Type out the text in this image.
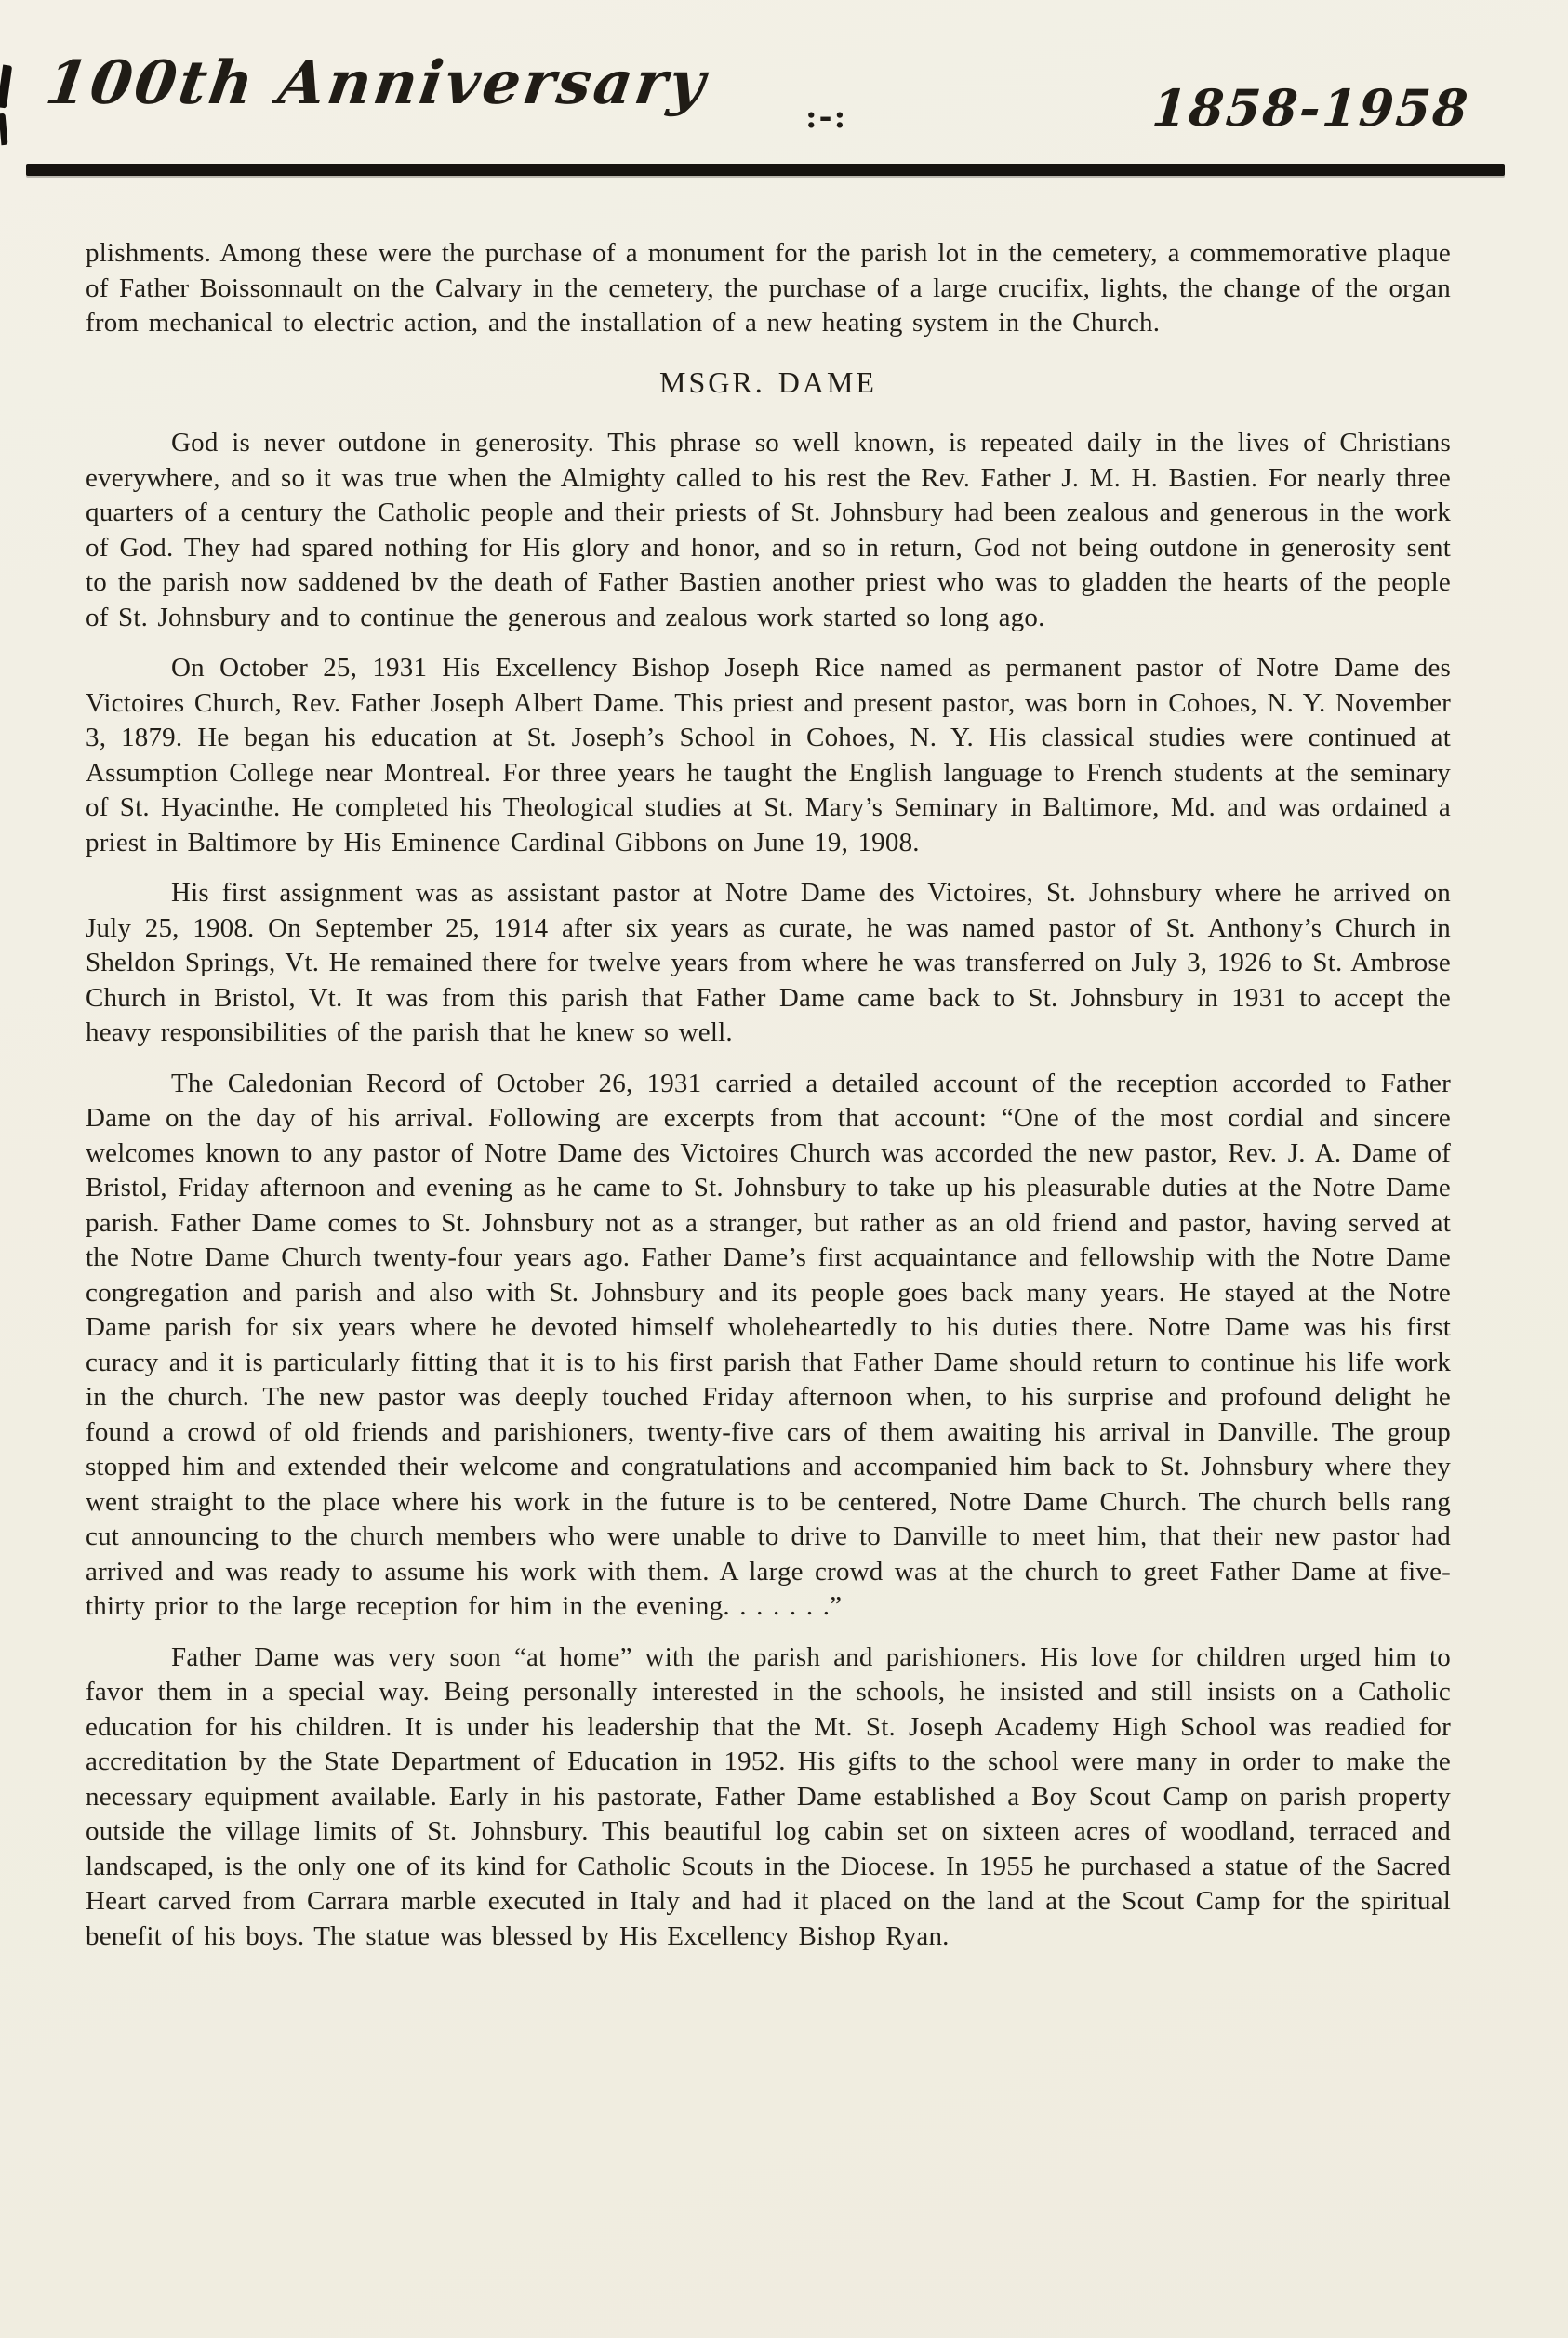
100th Anniversary	:-:	1858-1958

plishments. Among these were the purchase of a monument for the parish lot in the cemetery, a commemorative plaque of Father Boissonnault on the Calvary in the cemetery, the purchase of a large crucifix, lights, the change of the organ from mechanical to electric action, and the installation of a new heating system in the Church.

MSGR. DAME

God is never outdone in generosity. This phrase so well known, is repeated daily in the lives of Christians everywhere, and so it was true when the Almighty called to his rest the Rev. Father J. M. H. Bastien. For nearly three quarters of a century the Catholic people and their priests of St. Johnsbury had been zealous and generous in the work of God. They had spared nothing for His glory and honor, and so in return, God not being outdone in generosity sent to the parish now saddened bv the death of Father Bastien another priest who was to gladden the hearts of the people of St. Johnsbury and to continue the generous and zealous work started so long ago.

On October 25, 1931 His Excellency Bishop Joseph Rice named as permanent pastor of Notre Dame des Victoires Church, Rev. Father Joseph Albert Dame. This priest and present pastor, was born in Cohoes, N. Y. November 3, 1879. He began his education at St. Joseph’s School in Cohoes, N. Y. His classical studies were continued at Assumption College near Montreal. For three years he taught the English language to French students at the seminary of St. Hyacinthe. He completed his Theological studies at St. Mary’s Seminary in Baltimore, Md. and was ordained a priest in Baltimore by His Eminence Cardinal Gibbons on June 19, 1908.

His first assignment was as assistant pastor at Notre Dame des Victoires, St. Johnsbury where he arrived on July 25, 1908. On September 25, 1914 after six years as curate, he was named pastor of St. Anthony’s Church in Sheldon Springs, Vt. He remained there for twelve years from where he was transferred on July 3, 1926 to St. Ambrose Church in Bristol, Vt. It was from this parish that Father Dame came back to St. Johnsbury in 1931 to accept the heavy responsibilities of the parish that he knew so well.

The Caledonian Record of October 26, 1931 carried a detailed account of the reception accorded to Father Dame on the day of his arrival. Following are excerpts from that account: “One of the most cordial and sincere welcomes known to any pastor of Notre Dame des Victoires Church was accorded the new pastor, Rev. J. A. Dame of Bristol, Friday afternoon and evening as he came to St. Johnsbury to take up his pleasurable duties at the Notre Dame parish. Father Dame comes to St. Johnsbury not as a stranger, but rather as an old friend and pastor, having served at the Notre Dame Church twenty-four years ago. Father Dame’s first acquaintance and fellowship with the Notre Dame congregation and parish and also with St. Johnsbury and its people goes back many years. He stayed at the Notre Dame parish for six years where he devoted himself wholeheartedly to his duties there. Notre Dame was his first curacy and it is particularly fitting that it is to his first parish that Father Dame should return to continue his life work in the church. The new pastor was deeply touched Friday afternoon when, to his surprise and profound delight he found a crowd of old friends and parishioners, twenty-five cars of them awaiting his arrival in Danville. The group stopped him and extended their welcome and congratulations and accompanied him back to St. Johnsbury where they went straight to the place where his work in the future is to be centered, Notre Dame Church. The church bells rang cut announcing to the church members who were unable to drive to Danville to meet him, that their new pastor had arrived and was ready to assume his work with them. A large crowd was at the church to greet Father Dame at five-thirty prior to the large reception for him in the evening. . . . . . .”

Father Dame was very soon “at home” with the parish and parishioners. His love for children urged him to favor them in a special way. Being personally interested in the schools, he insisted and still insists on a Catholic education for his children. It is under his leadership that the Mt. St. Joseph Academy High School was readied for accreditation by the State Department of Education in 1952. His gifts to the school were many in order to make the necessary equipment available. Early in his pastorate, Father Dame established a Boy Scout Camp on parish property outside the village limits of St. Johnsbury. This beautiful log cabin set on sixteen acres of woodland, terraced and landscaped, is the only one of its kind for Catholic Scouts in the Diocese. In 1955 he purchased a statue of the Sacred Heart carved from Carrara marble executed in Italy and had it placed on the land at the Scout Camp for the spiritual benefit of his boys. The statue was blessed by His Excellency Bishop Ryan.
